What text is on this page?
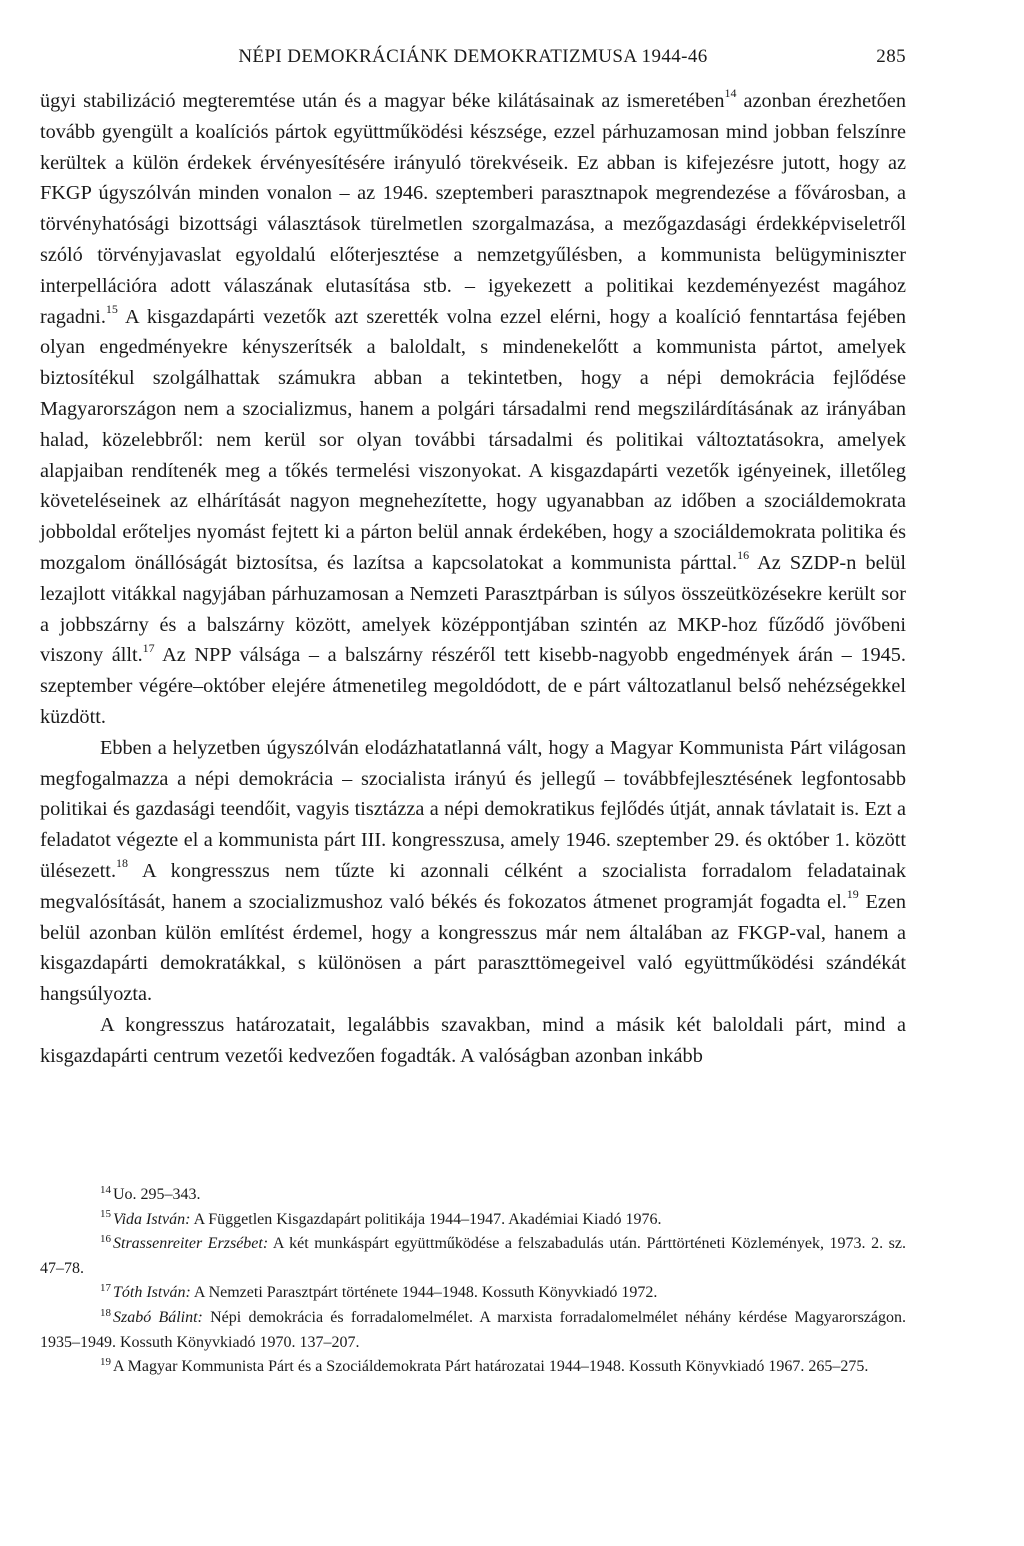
NÉPI DEMOKRÁCIÁNK DEMOKRATIZMUSA 1944-46	285

ügyi stabilizáció megteremtése után és a magyar béke kilátásainak az ismeretében$^{14}$ azonban érezhetően tovább gyengült a koalíciós pártok együttműködési készsége, ezzel párhuzamosan mind jobban felszínre kerültek a külön érdekek érvényesítésére irányuló törekvéseik. Ez abban is kifejezésre jutott, hogy az FKGP úgyszólván minden vonalon – az 1946. szeptemberi parasztnapok megrendezése a fővárosban, a törvényhatósági bizottsági választások türelmetlen szorgalmazása, a mezőgazdasági érdekképviseletről szóló törvényjavaslat egyoldalú előterjesztése a nemzetgyűlésben, a kommunista belügyminiszter interpellációra adott válaszának elutasítása stb. – igyekezett a politikai kezdeményezést magához ragadni.$^{15}$ A kisgazdapárti vezetők azt szerették volna ezzel elérni, hogy a koalíció fenntartása fejében olyan engedményekre kényszerítsék a baloldalt, s mindenekelőtt a kommunista pártot, amelyek biztosítékul szolgálhattak számukra abban a tekintetben, hogy a népi demokrácia fejlődése Magyarországon nem a szocializmus, hanem a polgári társadalmi rend megszilárdításának az irányában halad, közelebbről: nem kerül sor olyan további társadalmi és politikai változtatásokra, amelyek alapjaiban rendítenék meg a tőkés termelési viszonyokat. A kisgazdapárti vezetők igényeinek, illetőleg követeléseinek az elhárítását nagyon megnehezítette, hogy ugyanabban az időben a szociáldemokrata jobboldal erőteljes nyomást fejtett ki a párton belül annak érdekében, hogy a szociáldemokrata politika és mozgalom önállóságát biztosítsa, és lazítsa a kapcsolatokat a kommunista párttal.$^{16}$ Az SZDP-n belül lezajlott vitákkal nagyjában párhuzamosan a Nemzeti Parasztpárban is súlyos összeütközésekre került sor a jobbszárny és a balszárny között, amelyek középpontjában szintén az MKP-hoz fűződő jövőbeni viszony állt.$^{17}$ Az NPP válsága – a balszárny részéről tett kisebb-nagyobb engedmények árán – 1945. szeptember végére–október elejére átmenetileg megoldódott, de e párt változatlanul belső nehézségekkel küzdött.

Ebben a helyzetben úgyszólván elodázhatatlanná vált, hogy a Magyar Kommunista Párt világosan megfogalmazza a népi demokrácia – szocialista irányú és jellegű – továbbfejlesztésének legfontosabb politikai és gazdasági teendőit, vagyis tisztázza a népi demokratikus fejlődés útját, annak távlatait is. Ezt a feladatot végezte el a kommunista párt III. kongresszusa, amely 1946. szeptember 29. és október 1. között ülésezett.$^{18}$ A kongresszus nem tűzte ki azonnali célként a szocialista forradalom feladatainak megvalósítását, hanem a szocializmushoz való békés és fokozatos átmenet programját fogadta el.$^{19}$ Ezen belül azonban külön említést érdemel, hogy a kongresszus már nem általában az FKGP-val, hanem a kisgazdapárti demokratákkal, s különösen a párt paraszttömegeivel való együttműködési szándékát hangsúlyozta.

A kongresszus határozatait, legalábbis szavakban, mind a másik két baloldali párt, mind a kisgazdapárti centrum vezetői kedvezően fogadták. A valóságban azonban inkább

$^{14}$ Uo. 295–343.

$^{15}$ Vida István: A Független Kisgazdapárt politikája 1944–1947. Akadémiai Kiadó 1976.

$^{16}$ Strassenreiter Erzsébet: A két munkáspárt együttműködése a felszabadulás után. Párttörténeti Közlemények, 1973. 2. sz. 47–78.

$^{17}$ Tóth István: A Nemzeti Parasztpárt története 1944–1948. Kossuth Könyvkiadó 1972.

$^{18}$ Szabó Bálint: Népi demokrácia és forradalomelmélet. A marxista forradalomelmélet néhány kérdése Magyarországon. 1935–1949. Kossuth Könyvkiadó 1970. 137–207.

$^{19}$ A Magyar Kommunista Párt és a Szociáldemokrata Párt határozatai 1944–1948. Kossuth Könyvkiadó 1967. 265–275.
